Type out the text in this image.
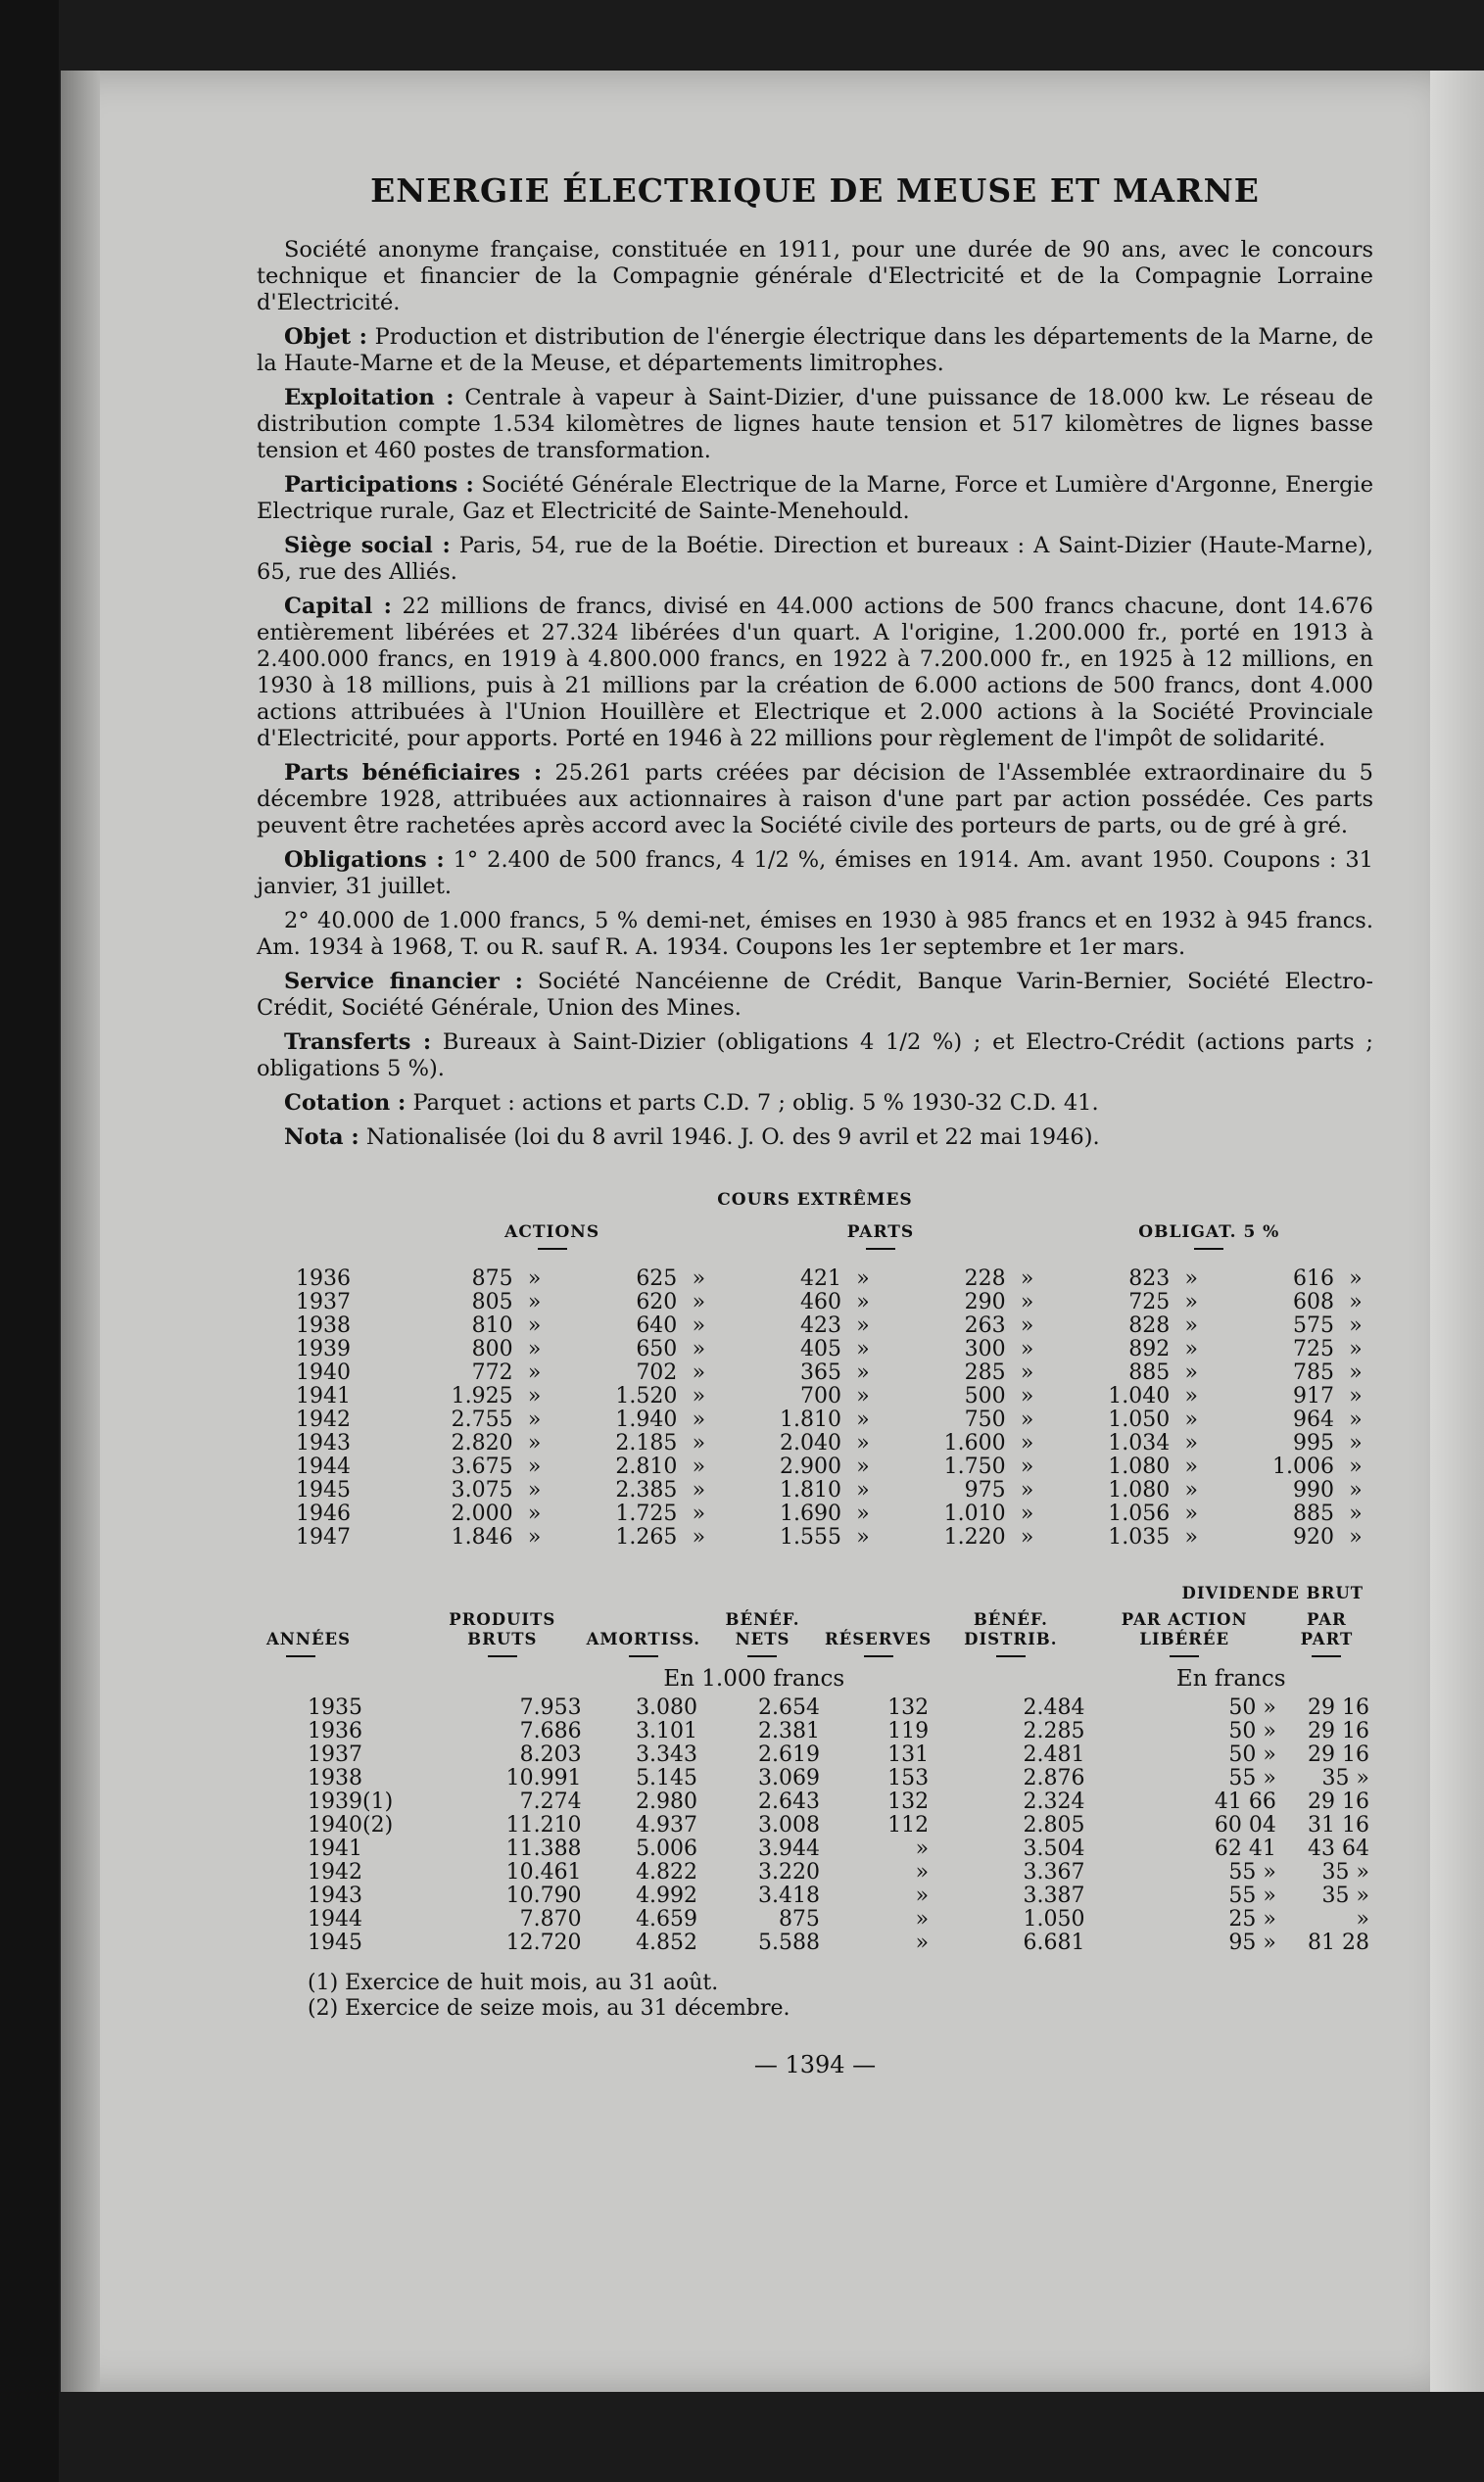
ENERGIE ÉLECTRIQUE DE MEUSE ET MARNE

Société anonyme française, constituée en 1911, pour une durée de 90 ans, avec le concours technique et financier de la Compagnie générale d'Electricité et de la Compagnie Lorraine d'Electricité.

Objet : Production et distribution de l'énergie électrique dans les départements de la Marne, de la Haute-Marne et de la Meuse, et départements limitrophes.

Exploitation : Centrale à vapeur à Saint-Dizier, d'une puissance de 18.000 kw. Le réseau de distribution compte 1.534 kilomètres de lignes haute tension et 517 kilomètres de lignes basse tension et 460 postes de transformation.

Participations : Société Générale Electrique de la Marne, Force et Lumière d'Argonne, Energie Electrique rurale, Gaz et Electricité de Sainte-Menehould.

Siège social : Paris, 54, rue de la Boétie. Direction et bureaux : A Saint-Dizier (Haute-Marne), 65, rue des Alliés.

Capital : 22 millions de francs, divisé en 44.000 actions de 500 francs chacune, dont 14.676 entièrement libérées et 27.324 libérées d'un quart. A l'origine, 1.200.000 fr., porté en 1913 à 2.400.000 francs, en 1919 à 4.800.000 francs, en 1922 à 7.200.000 fr., en 1925 à 12 millions, en 1930 à 18 millions, puis à 21 millions par la création de 6.000 actions de 500 francs, dont 4.000 actions attribuées à l'Union Houillère et Electrique et 2.000 actions à la Société Provinciale d'Electricité, pour apports. Porté en 1946 à 22 millions pour règlement de l'impôt de solidarité.

Parts bénéficiaires : 25.261 parts créées par décision de l'Assemblée extraordinaire du 5 décembre 1928, attribuées aux actionnaires à raison d'une part par action possédée. Ces parts peuvent être rachetées après accord avec la Société civile des porteurs de parts, ou de gré à gré.

Obligations : 1° 2.400 de 500 francs, 4 1/2 %, émises en 1914. Am. avant 1950. Coupons : 31 janvier, 31 juillet.

2° 40.000 de 1.000 francs, 5 % demi-net, émises en 1930 à 985 francs et en 1932 à 945 francs. Am. 1934 à 1968, T. ou R. sauf R. A. 1934. Coupons les 1er septembre et 1er mars.

Service financier : Société Nancéienne de Crédit, Banque Varin-Bernier, Société Electro-Crédit, Société Générale, Union des Mines.

Transferts : Bureaux à Saint-Dizier (obligations 4 1/2 %) ; et Electro-Crédit (actions parts ; obligations 5 %).

Cotation : Parquet : actions et parts C.D. 7 ; oblig. 5 % 1930-32 C.D. 41.

Nota : Nationalisée (loi du 8 avril 1946. J. O. des 9 avril et 22 mai 1946).

COURS EXTRÊMES
	ACTIONS				PARTS				OBLIGAT. 5 %			

1936	875	»	625	»	421	»	228	»	823	»	616	»
1937	805	»	620	»	460	»	290	»	725	»	608	»
1938	810	»	640	»	423	»	263	»	828	»	575	»
1939	800	»	650	»	405	»	300	»	892	»	725	»
1940	772	»	702	»	365	»	285	»	885	»	785	»
1941	1.925	»	1.520	»	700	»	500	»	1.040	»	917	»
1942	2.755	»	1.940	»	1.810	»	750	»	1.050	»	964	»
1943	2.820	»	2.185	»	2.040	»	1.600	»	1.034	»	995	»
1944	3.675	»	2.810	»	2.900	»	1.750	»	1.080	»	1.006	»
1945	3.075	»	2.385	»	1.810	»	975	»	1.080	»	990	»
1946	2.000	»	1.725	»	1.690	»	1.010	»	1.056	»	885	»
1947	1.846	»	1.265	»	1.555	»	1.220	»	1.035	»	920	»
						DIVIDENDE BRUT	
ANNÉES	PRODUITS BRUTS	AMORTISS.	BÉNÉF. NETS	RÉSERVES	BÉNÉF. DISTRIB.	PAR ACTION LIBÉRÉE	PAR PART

	En 1.000 francs					En francs	
1935	7.953	3.080	2.654	132	2.484	50 »	29 16
1936	7.686	3.101	2.381	119	2.285	50 »	29 16
1937	8.203	3.343	2.619	131	2.481	50 »	29 16
1938	10.991	5.145	3.069	153	2.876	55 »	35 »
1939(1)	7.274	2.980	2.643	132	2.324	41 66	29 16
1940(2)	11.210	4.937	3.008	112	2.805	60 04	31 16
1941	11.388	5.006	3.944	»	3.504	62 41	43 64
1942	10.461	4.822	3.220	»	3.367	55 »	35 »
1943	10.790	4.992	3.418	»	3.387	55 »	35 »
1944	7.870	4.659	875	»	1.050	25 »	»
1945	12.720	4.852	5.588	»	6.681	95 »	81 28
(1) Exercice de huit mois, au 31 août.
(2) Exercice de seize mois, au 31 décembre.
— 1394 —
